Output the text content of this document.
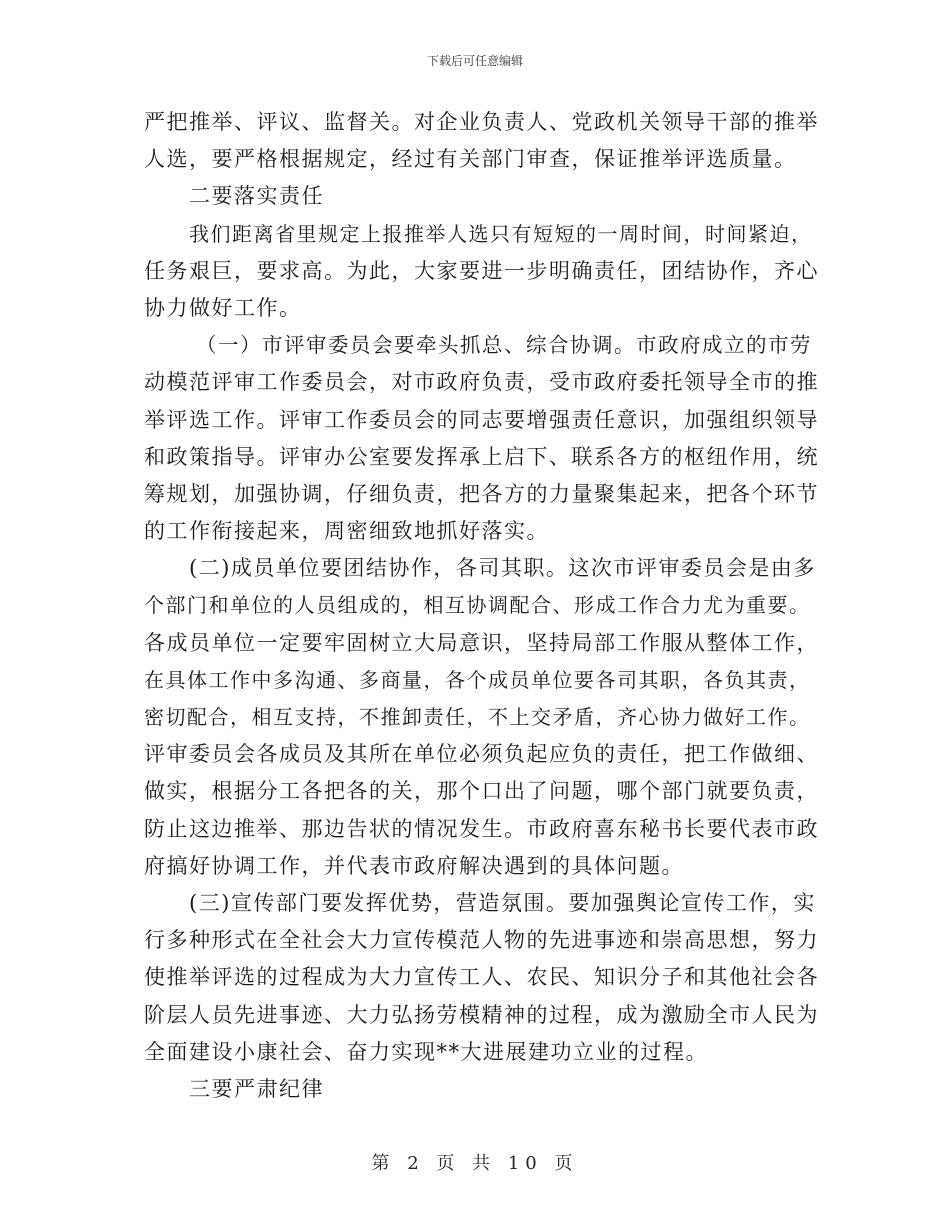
下载后可任意编辑
严把推举、评议、监督关。对企业负责人、党政机关领导干部的推举
人选，要严格根据规定，经过有关部门审查，保证推举评选质量。
二要落实责任
我们距离省里规定上报推举人选只有短短的一周时间，时间紧迫，
任务艰巨，要求高。为此，大家要进一步明确责任，团结协作，齐心
协力做好工作。
（一）市评审委员会要牵头抓总、综合协调。市政府成立的市劳
动模范评审工作委员会，对市政府负责，受市政府委托领导全市的推
举评选工作。评审工作委员会的同志要增强责任意识，加强组织领导
和政策指导。评审办公室要发挥承上启下、联系各方的枢纽作用，统
筹规划，加强协调，仔细负责，把各方的力量聚集起来，把各个环节
的工作衔接起来，周密细致地抓好落实。
(二)成员单位要团结协作，各司其职。这次市评审委员会是由多
个部门和单位的人员组成的，相互协调配合、形成工作合力尤为重要。
各成员单位一定要牢固树立大局意识，坚持局部工作服从整体工作，
在具体工作中多沟通、多商量，各个成员单位要各司其职，各负其责，
密切配合，相互支持，不推卸责任，不上交矛盾，齐心协力做好工作。
评审委员会各成员及其所在单位必须负起应负的责任，把工作做细、
做实，根据分工各把各的关，那个口出了问题，哪个部门就要负责，
防止这边推举、那边告状的情况发生。市政府喜东秘书长要代表市政
府搞好协调工作，并代表市政府解决遇到的具体问题。
(三)宣传部门要发挥优势，营造氛围。要加强舆论宣传工作，实
行多种形式在全社会大力宣传模范人物的先进事迹和崇高思想，努力
使推举评选的过程成为大力宣传工人、农民、知识分子和其他社会各
阶层人员先进事迹、大力弘扬劳模精神的过程，成为激励全市人民为
全面建设小康社会、奋力实现**大进展建功立业的过程。
三要严肃纪律
第 2 页 共 10 页
